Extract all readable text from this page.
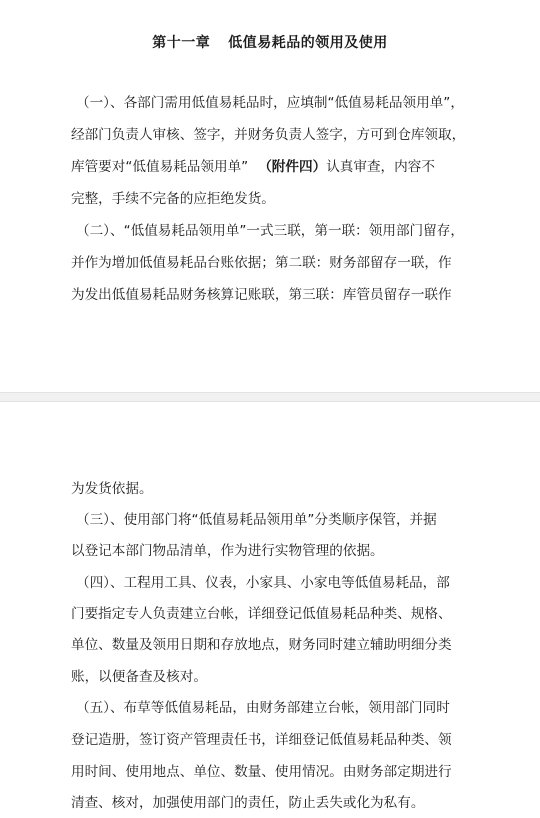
第十一章 低值易耗品的领用及使用
（一）、各部门需用低值易耗品时，应填制“低值易耗品领用单”，
经部门负责人审核、签字，并财务负责人签字，方可到仓库领取，
库管要对“低值易耗品领用单” （附件四）认真审查，内容不
完整，手续不完备的应拒绝发货。
（二）、“低值易耗品领用单”一式三联，第一联：领用部门留存，
并作为增加低值易耗品台账依据；第二联：财务部留存一联，作
为发出低值易耗品财务核算记账联，第三联：库管员留存一联作
为发货依据。
（三）、使用部门将“低值易耗品领用单”分类顺序保管，并据
以登记本部门物品清单，作为进行实物管理的依据。
（四）、工程用工具、仪表，小家具、小家电等低值易耗品，部
门要指定专人负责建立台帐，详细登记低值易耗品种类、规格、
单位、数量及领用日期和存放地点，财务同时建立辅助明细分类
账，以便备查及核对。
（五）、布草等低值易耗品，由财务部建立台帐，领用部门同时
登记造册，签订资产管理责任书，详细登记低值易耗品种类、领
用时间、使用地点、单位、数量、使用情况。由财务部定期进行
清查、核对，加强使用部门的责任，防止丢失或化为私有。
